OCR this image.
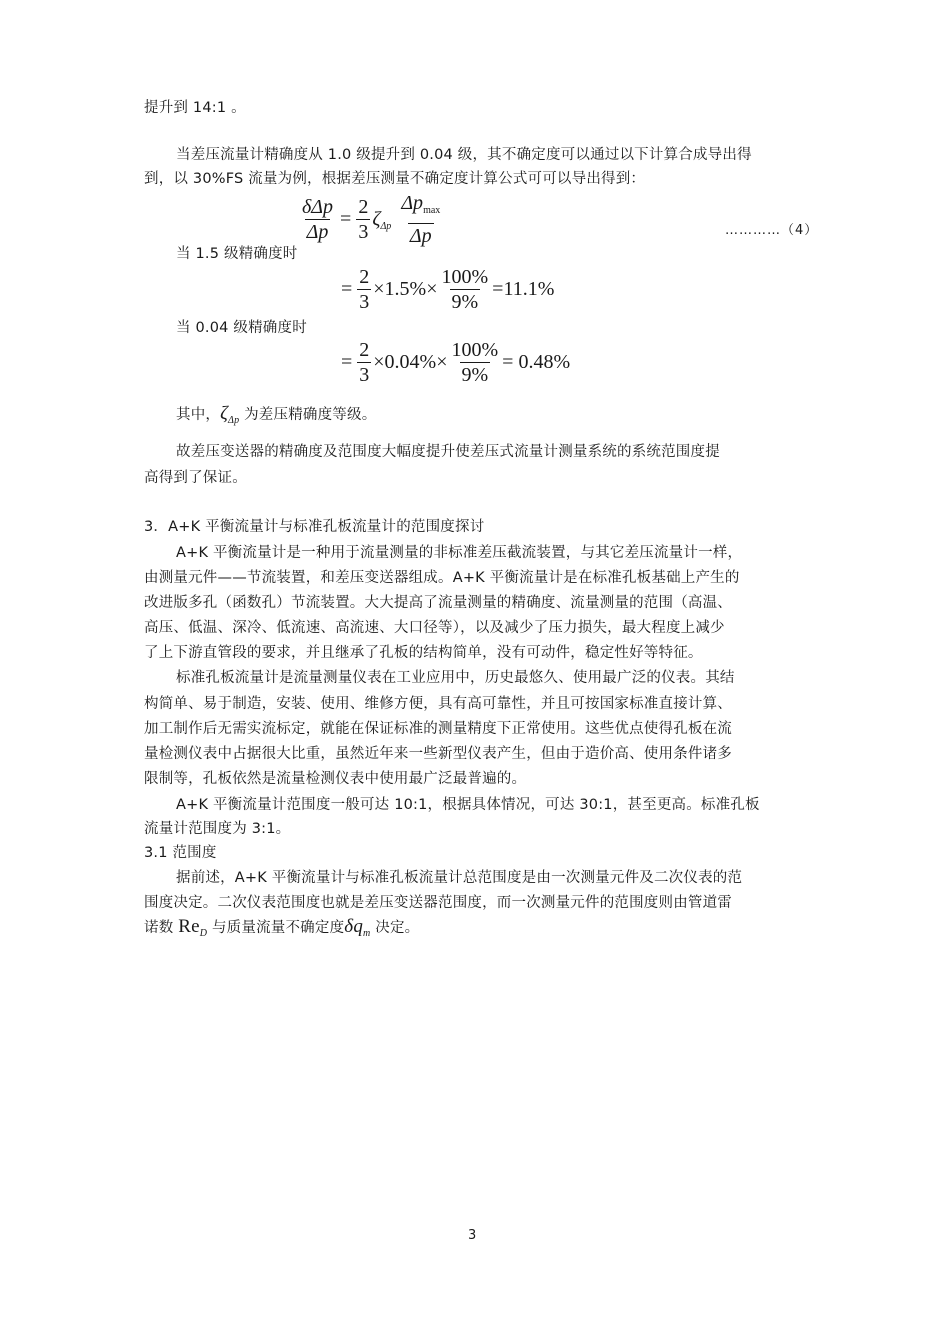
提升到 14:1 。
当差压流量计精确度从 1.0 级提升到 0.04 级，其不确定度可以通过以下计算合成导出得
到，以 30%FS 流量为例，根据差压测量不确定度计算公式可可以导出得到：
$\frac{\text{δΔp}}{\Delta p} = \frac{2}{3} \zeta_{\Delta p} \frac{\Delta p_{max}}{\Delta p}$	…………（4）
当 1.5 级精确度时
= $\frac{2}{3} \times 1.5\%\times \frac{100\%}{9\%} =11.1\%$
当 0.04 级精确度时
= $\frac{2}{3} \times 0.04\%\times \frac{100\%}{9\%} = 0.48\%$
其中，$\zeta_{\Delta p}$ 为差压精确度等级。
故差压变送器的精确度及范围度大幅度提升使差压式流量计测量系统的系统范围度提
高得到了保证。
3．A+K 平衡流量计与标准孔板流量计的范围度探讨
A+K 平衡流量计是一种用于流量测量的非标准差压截流装置，与其它差压流量计一样，
由测量元件——节流装置，和差压变送器组成。A+K 平衡流量计是在标准孔板基础上产生的
改进版多孔（函数孔）节流装置。大大提高了流量测量的精确度、流量测量的范围（高温、
高压、低温、深冷、低流速、高流速、大口径等），以及减少了压力损失，最大程度上减少
了上下游直管段的要求，并且继承了孔板的结构简单，没有可动件，稳定性好等特征。
标准孔板流量计是流量测量仪表在工业应用中，历史最悠久、使用最广泛的仪表。其结
构简单、易于制造，安装、使用、维修方便，具有高可靠性，并且可按国家标准直接计算、
加工制作后无需实流标定，就能在保证标准的测量精度下正常使用。这些优点使得孔板在流
量检测仪表中占据很大比重，虽然近年来一些新型仪表产生，但由于造价高、使用条件诸多
限制等，孔板依然是流量检测仪表中使用最广泛最普遍的。
A+K 平衡流量计范围度一般可达 10:1，根据具体情况，可达 30:1，甚至更高。标准孔板
流量计范围度为 3:1。
3.1 范围度
据前述，A+K 平衡流量计与标准孔板流量计总范围度是由一次测量元件及二次仪表的范
围度决定。二次仪表范围度也就是差压变送器范围度，而一次测量元件的范围度则由管道雷
诺数 $Re_D$ 与质量流量不确定度$\delta q_m$ 决定。
3
